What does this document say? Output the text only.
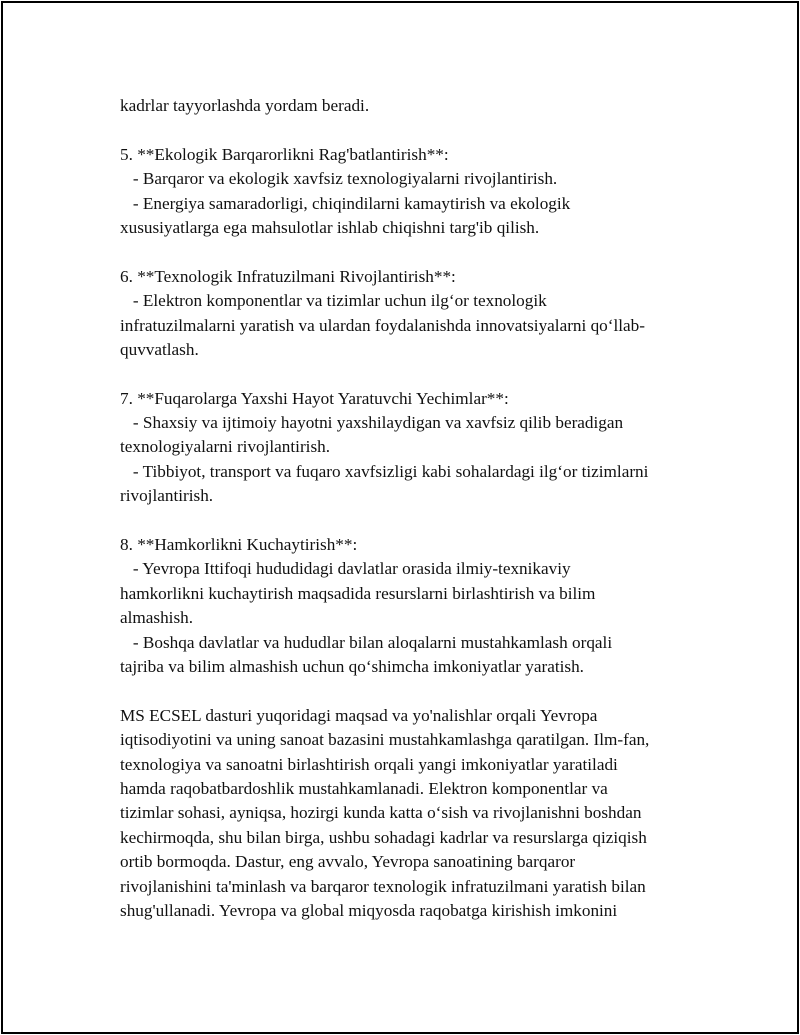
kadrlar tayyorlashda yordam beradi.
5. **Ekologik Barqarorlikni Rag'batlantirish**:
- Barqaror va ekologik xavfsiz texnologiyalarni rivojlantirish.
- Energiya samaradorligi, chiqindilarni kamaytirish va ekologik
xususiyatlarga ega mahsulotlar ishlab chiqishni targ'ib qilish.
6. **Texnologik Infratuzilmani Rivojlantirish**:
- Elektron komponentlar va tizimlar uchun ilg‘or texnologik
infratuzilmalarni yaratish va ulardan foydalanishda innovatsiyalarni qo‘llab-
quvvatlash.
7. **Fuqarolarga Yaxshi Hayot Yaratuvchi Yechimlar**:
- Shaxsiy va ijtimoiy hayotni yaxshilaydigan va xavfsiz qilib beradigan
texnologiyalarni rivojlantirish.
- Tibbiyot, transport va fuqaro xavfsizligi kabi sohalardagi ilg‘or tizimlarni
rivojlantirish.
8. **Hamkorlikni Kuchaytirish**:
- Yevropa Ittifoqi hududidagi davlatlar orasida ilmiy-texnikaviy
hamkorlikni kuchaytirish maqsadida resurslarni birlashtirish va bilim
almashish.
- Boshqa davlatlar va hududlar bilan aloqalarni mustahkamlash orqali
tajriba va bilim almashish uchun qo‘shimcha imkoniyatlar yaratish.
MS ECSEL dasturi yuqoridagi maqsad va yo'nalishlar orqali Yevropa
iqtisodiyotini va uning sanoat bazasini mustahkamlashga qaratilgan. Ilm-fan,
texnologiya va sanoatni birlashtirish orqali yangi imkoniyatlar yaratiladi
hamda raqobatbardoshlik mustahkamlanadi. Elektron komponentlar va
tizimlar sohasi, ayniqsa, hozirgi kunda katta o‘sish va rivojlanishni boshdan
kechirmoqda, shu bilan birga, ushbu sohadagi kadrlar va resurslarga qiziqish
ortib bormoqda. Dastur, eng avvalo, Yevropa sanoatining barqaror
rivojlanishini ta'minlash va barqaror texnologik infratuzilmani yaratish bilan
shug'ullanadi. Yevropa va global miqyosda raqobatga kirishish imkonini
